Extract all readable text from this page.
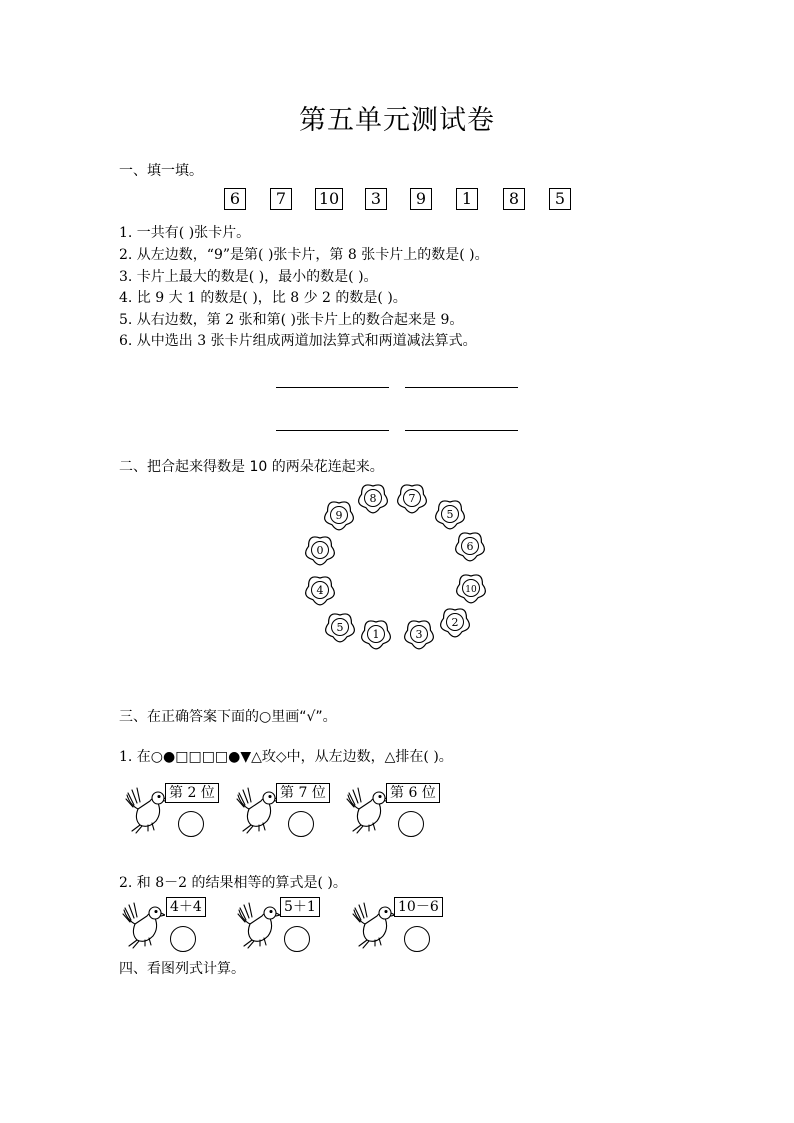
第五单元测试卷
一、填一填。
6	7	10	3	9	1	8	5
1. 一共有( )张卡片。
2. 从左边数，“9”是第( )张卡片，第 8 张卡片上的数是( )。
3. 卡片上最大的数是( )，最小的数是( )。
4. 比 9 大 1 的数是( )，比 8 少 2 的数是( )。
5. 从右边数，第 2 张和第( )张卡片上的数合起来是 9。
6. 从中选出 3 张卡片组成两道加法算式和两道减法算式。
二、把合起来得数是 10 的两朵花连起来。
8	7
5
6
10
2
3
1
5
4
0
9
三、在正确答案下面的○里画“√”。
1. 在○●□□□□●▼△玫◇中，从左边数，△排在( )。
第 2 位	第 7 位	第 6 位
2. 和 8－2 的结果相等的算式是( )。
4＋4	5＋1	10－6
四、看图列式计算。
